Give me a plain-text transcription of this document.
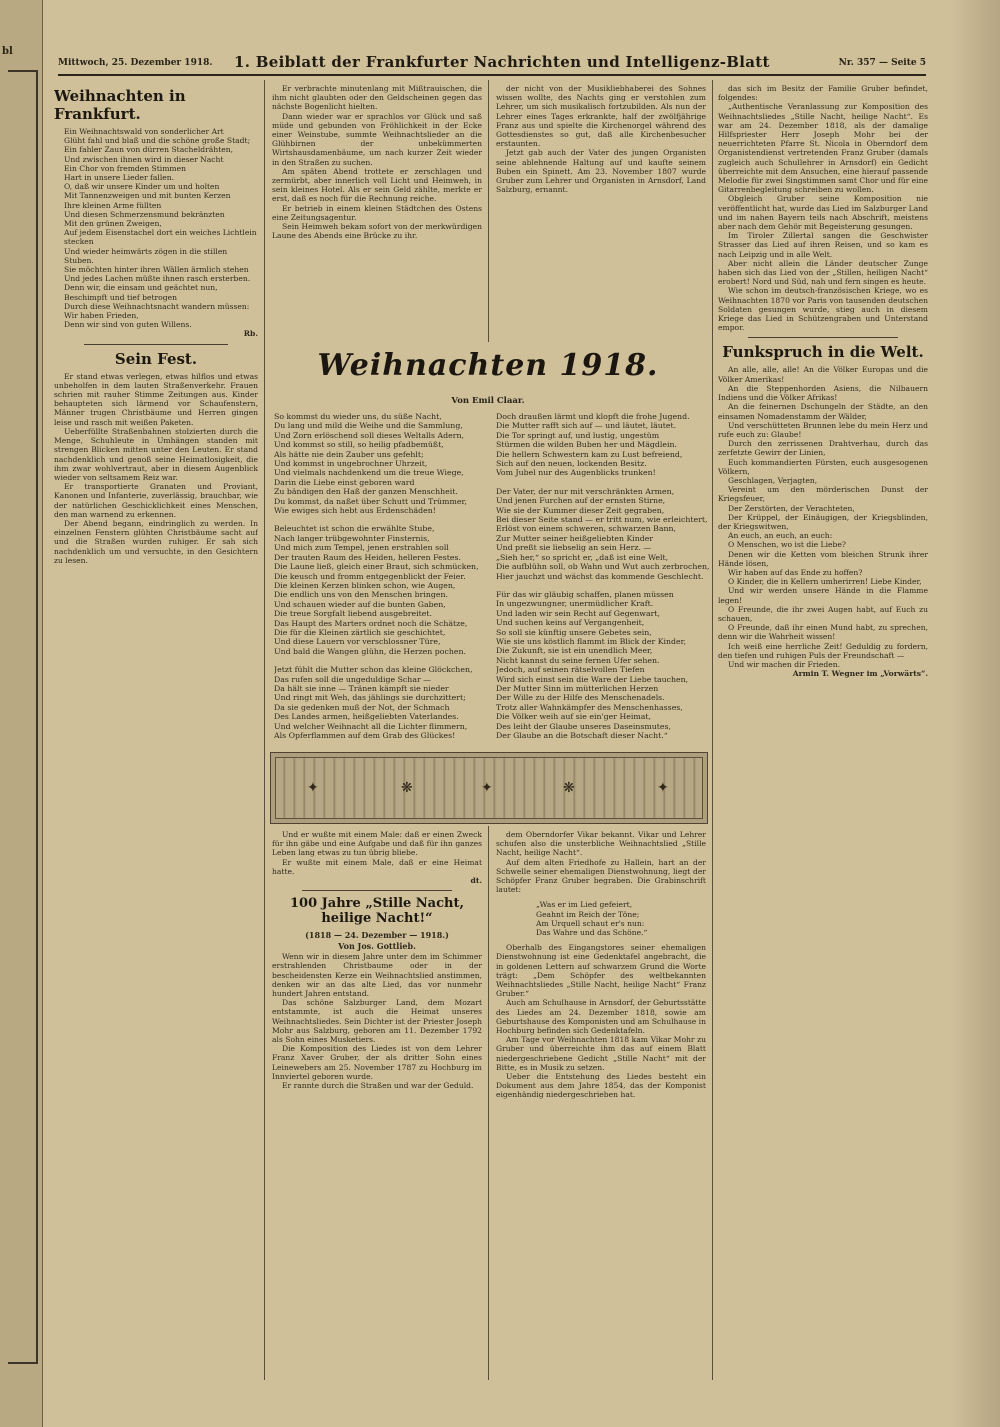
bl
Mittwoch, 25. Dezember 1918. 1. Beiblatt der Frankfurter Nachrichten und Intelligenz-Blatt	Nr. 357 — Seite 5
Weihnachten in Frankfurt.

Ein Weihnachtswald von sonderlicher Art

Glüht fahl und blaß und die schöne große Stadt;

Ein fahler Zaun von dürren Stacheldrähten,

Und zwischen ihnen wird in dieser Nacht

Ein Chor von fremden Stimmen

Hart in unsere Lieder fallen.

O, daß wir unsere Kinder um und holten

Mit Tannenzweigen und mit bunten Kerzen

Ihre kleinen Arme füllten

Und diesen Schmerzensmund bekränzten

Mit den grünen Zweigen,

Auf jedem Eisenstachel dort ein weiches Lichtlein

stecken

Und wieder heimwärts zögen in die stillen

Stuben.

Sie möchten hinter ihren Wällen ärmlich stehen

Und jedes Lachen müßte ihnen rasch ersterben.

Denn wir, die einsam und geächtet nun,

Beschimpft und tief betrogen

Durch diese Weihnachtsnacht wandern müssen:

Wir haben Frieden,

Denn wir sind von guten Willens.

Rb.
Sein Fest.

Er stand etwas verlegen, etwas hilflos und etwas unbeholfen in dem lauten Straßenverkehr. Frauen schrien mit rauher Stimme Zeitungen aus. Kinder behaupteten sich lärmend vor Schaufenstern, Männer trugen Christbäume und Herren gingen leise und rasch mit weißen Paketen.

Ueberfüllte Straßenbahnen stolzierten durch die Menge, Schuhleute in Umhängen standen mit strengen Blicken mitten unter den Leuten. Er stand nachdenklich und genoß seine Heimatlosigkeit, die ihm zwar wohlvertraut, aber in diesem Augenblick wieder von seltsamem Reiz war.

Er transportierte Granaten und Proviant, Kanonen und Infanterie, zuverlässig, brauchbar, wie der natürlichen Geschicklichkeit eines Menschen, den man warnend zu erkennen.

Der Abend begann, eindringlich zu werden. In einzelnen Fenstern glühten Christbäume sacht auf und die Straßen wurden ruhiger. Er sah sich nachdenklich um und versuchte, in den Gesichtern zu lesen.

Er verbrachte minutenlang mit Mißtrauischen, die ihm nicht glaubten oder den Geldscheinen gegen das nächste Bogenlicht hielten.

Dann wieder war er sprachlos vor Glück und saß müde und gebunden von Fröhlichkeit in der Ecke einer Weinstube, summte Weihnachtslieder an die Glühbirnen der unbekümmerten Wirtshausdamenbäume, um nach kurzer Zeit wieder in den Straßen zu suchen.

Am späten Abend trottete er zerschlagen und zermürbt, aber innerlich voll Licht und Heimweh, in sein kleines Hotel. Als er sein Geld zählte, merkte er erst, daß es noch für die Rechnung reiche.

Er betrieb in einem kleinen Städtchen des Ostens eine Zeitungsagentur.

Sein Heimweh bekam sofort von der merkwürdigen Laune des Abends eine Brücke zu ihr.

der nicht von der Musikliebhaberei des Sohnes wissen wollte, des Nachts ging er verstohlen zum Lehrer, um sich musikalisch fortzubilden. Als nun der Lehrer eines Tages erkrankte, half der zwölfjährige Franz aus und spielte die Kirchenorgel während des Gottesdienstes so gut, daß alle Kirchenbesucher erstaunten.

Jetzt gab auch der Vater des jungen Organisten seine ablehnende Haltung auf und kaufte seinem Buben ein Spinett. Am 23. November 1807 wurde Gruber zum Lehrer und Organisten in Arnsdorf, Land Salzburg, ernannt.

Weihnachten 1918.
Von Emil Claar.
So kommst du wieder uns, du süße Nacht,
Du lang und mild die Weihe und die Sammlung,
Und Zorn erlöschend soll dieses Weltalls Adern,
Und kommst so still, so heilig pfadbemüßt,
Als hätte nie dein Zauber uns gefehlt;
Und kommst in ungebrochner Uhrzeit,
Und vielmals nachdenkend um die treue Wiege,
Darin die Liebe einst geboren ward
Zu bändigen den Haß der ganzen Menschheit.
Du kommst, da naßet über Schutt und Trümmer,
Wie ewiges sich hebt aus Erdenschäden!
Beleuchtet ist schon die erwählte Stube,
Nach langer trübgewohnter Finsternis,
Und mich zum Tempel, jenen erstrahlen soll
Der trauten Raum des Heiden, helleren Festes.
Die Laune ließ, gleich einer Braut, sich schmücken,
Die keusch und fromm entgegenblickt der Feier.
Die kleinen Kerzen blinken schon, wie Augen,
Die endlich uns von den Menschen bringen.
Und schauen wieder auf die bunten Gaben,
Die treue Sorgfalt liebend ausgebreitet.
Das Haupt des Marters ordnet noch die Schätze,
Die für die Kleinen zärtlich sie geschichtet,
Und diese Lauern vor verschlossner Türe,
Und bald die Wangen glühn, die Herzen pochen.
Jetzt fühlt die Mutter schon das kleine Glöckchen,
Das rufen soll die ungeduldige Schar —
Da hält sie inne — Tränen kämpft sie nieder
Und ringt mit Weh, das jählings sie durchzittert;
Da sie gedenken muß der Not, der Schmach
Des Landes armen, heißgeliebten Vaterlandes.
Und welcher Weihnacht all die Lichter flimmern,
Als Opferflammen auf dem Grab des Glückes!
Doch draußen lärmt und klopft die frohe Jugend.
Die Mutter rafft sich auf — und läutet, läutet.
Die Tor springt auf, und lustig, ungestüm
Stürmen die wilden Buben her und Mägdlein.
Die hellern Schwestern kam zu Lust befreiend,
Sich auf den neuen, lockenden Besitz.
Vom Jubel nur des Augenblicks trunken!
Der Vater, der nur mit verschränkten Armen,
Und jenen Furchen auf der ernsten Stirne,
Wie sie der Kummer dieser Zeit gegraben,
Bei dieser Seite stand — er tritt num, wie erleichtert,
Erlöst von einem schweren, schwarzen Bann,
Zur Mutter seiner heißgeliebten Kinder
Und preßt sie liebselig an sein Herz. —
„Sieh her,“ so spricht er, „daß ist eine Welt,
Die aufblühn soll, ob Wahn und Wut auch zerbrochen,
Hier jauchzt und wächst das kommende Geschlecht.
Für das wir gläubig schaffen, planen müssen
In ungezwungner, unermüdlicher Kraft.
Und laden wir sein Recht auf Gegenwart,
Und suchen keins auf Vergangenheit,
So soll sie künftig unsere Gebetes sein,
Wie sie uns köstlich flammt im Blick der Kinder,
Die Zukunft, sie ist ein unendlich Meer,
Nicht kannst du seine fernen Ufer sehen.
Jedoch, auf seinen rätselvollen Tiefen
Wird sich einst sein die Ware der Liebe tauchen,
Der Mutter Sinn im mütterlichen Herzen
Der Wille zu der Hilfe des Menschenadels.
Trotz aller Wahnkämpfer des Menschenhasses,
Die Völker weih auf sie ein'ger Heimat,
Des leiht der Glaube unseres Daseinsmutes,
Der Glaube an die Botschaft dieser Nacht.“
✦	❋	✦	❋	✦

Und er wußte mit einem Male: daß er einen Zweck für ihn gäbe und eine Aufgabe und daß für ihn ganzes Leben lang etwas zu tun übrig bliebe.

Er wußte mit einem Male, daß er eine Heimat hatte.

dt.
100 Jahre „Stille Nacht, heilige Nacht!“
(1818 — 24. Dezember — 1918.)
Von Jos. Gottlieb.

Wenn wir in diesem Jahre unter dem im Schimmer erstrahlenden Christbaume oder in der bescheidensten Kerze ein Weihnachtslied anstimmen, denken wir an das alte Lied, das vor nunmehr hundert Jahren entstand.

Das schöne Salzburger Land, dem Mozart entstammte, ist auch die Heimat unseres Weihnachtsliedes. Sein Dichter ist der Priester Joseph Mohr aus Salzburg, geboren am 11. Dezember 1792 als Sohn eines Musketiers.

Die Komposition des Liedes ist von dem Lehrer Franz Xaver Gruber, der als dritter Sohn eines Leinewebers am 25. November 1787 zu Hochburg im Innviertel geboren wurde.

Er rannte durch die Straßen und war der Geduld.

dem Oberndorfer Vikar bekannt. Vikar und Lehrer schufen also die unsterbliche Weihnachtslied „Stille Nacht, heilige Nacht“.

Auf dem alten Friedhofe zu Hallein, hart an der Schwelle seiner ehemaligen Dienstwohnung, liegt der Schöpfer Franz Gruber begraben. Die Grabinschrift lautet:

„Was er im Lied gefeiert,

Geahnt im Reich der Töne;

Am Urquell schaut er's nun:

Das Wahre und das Schöne.“

Oberhalb des Eingangstores seiner ehemaligen Dienstwohnung ist eine Gedenktafel angebracht, die in goldenen Lettern auf schwarzem Grund die Worte trägt: „Dem Schöpfer des weltbekannten Weihnachtsliedes „Stille Nacht, heilige Nacht“ Franz Gruber.“

Auch am Schulhause in Arnsdorf, der Geburtsstätte des Liedes am 24. Dezember 1818, sowie am Geburtshause des Komponisten und am Schulhause in Hochburg befinden sich Gedenktafeln.

Am Tage vor Weihnachten 1818 kam Vikar Mohr zu Gruber und überreichte ihm das auf einem Blatt niedergeschriebene Gedicht „Stille Nacht“ mit der Bitte, es in Musik zu setzen.

Ueber die Entstehung des Liedes besteht ein Dokument aus dem Jahre 1854, das der Komponist eigenhändig niedergeschrieben hat.

das sich im Besitz der Familie Gruber befindet, folgendes:

„Authentische Veranlassung zur Komposition des Weihnachtsliedes „Stille Nacht, heilige Nacht“. Es war am 24. Dezember 1818, als der damalige Hilfspriester Herr Joseph Mohr bei der neuerrichteten Pfarre St. Nicola in Oberndorf dem Organistendienst vertretenden Franz Gruber (damals zugleich auch Schullehrer in Arnsdorf) ein Gedicht überreichte mit dem Ansuchen, eine hierauf passende Melodie für zwei Singstimmen samt Chor und für eine Gitarrenbegleitung schreiben zu wollen.

Obgleich Gruber seine Komposition nie veröffentlicht hat, wurde das Lied im Salzburger Land und im nahen Bayern teils nach Abschrift, meistens aber nach dem Gehör mit Begeisterung gesungen.

Im Tiroler Zillertal sangen die Geschwister Strasser das Lied auf ihren Reisen, und so kam es nach Leipzig und in alle Welt.

Aber nicht allein die Länder deutscher Zunge haben sich das Lied von der „Stillen, heiligen Nacht“ erobert! Nord und Süd, nah und fern singen es heute.

Wie schon im deutsch-französischen Kriege, wo es Weihnachten 1870 vor Paris von tausenden deutschen Soldaten gesungen wurde, stieg auch in diesem Kriege das Lied in Schützengraben und Unterstand empor.

Funkspruch in die Welt.

An alle, alle, alle! An die Völker Europas und die Völker Amerikas!

An die Steppenhorden Asiens, die Nilbauern Indiens und die Völker Afrikas!

An die feinernen Dschungeln der Städte, an den einsamen Nomadenstamm der Wälder,

Und verschütteten Brunnen lebe du mein Herz und rufe euch zu: Glaube!

Durch den zerrissenen Drahtverhau, durch das zerfetzte Gewirr der Linien,

Euch kommandierten Fürsten, euch ausgesogenen Völkern,

Geschlagen, Verjagten,

Vereint um den mörderischen Dunst der Kriegsfeuer,

Der Zerstörten, der Verachteten,

Der Krüppel, der Einäugigen, der Kriegsblinden, der Kriegswitwen,

An euch, an euch, an euch:

O Menschen, wo ist die Liebe?

Denen wir die Ketten vom bleichen Strunk ihrer Hände lösen,

Wir haben auf das Ende zu hoffen?

O Kinder, die in Kellern umherirren! Liebe Kinder,

Und wir werden unsere Hände in die Flamme legen!

O Freunde, die ihr zwei Augen habt, auf Euch zu schauen,

O Freunde, daß ihr einen Mund habt, zu sprechen, denn wir die Wahrheit wissen!

Ich weiß eine herrliche Zeit! Geduldig zu fordern, den tiefen und ruhigen Puls der Freundschaft —

Und wir machen dir Frieden.

Armin T. Wegner im „Vorwärts“.
